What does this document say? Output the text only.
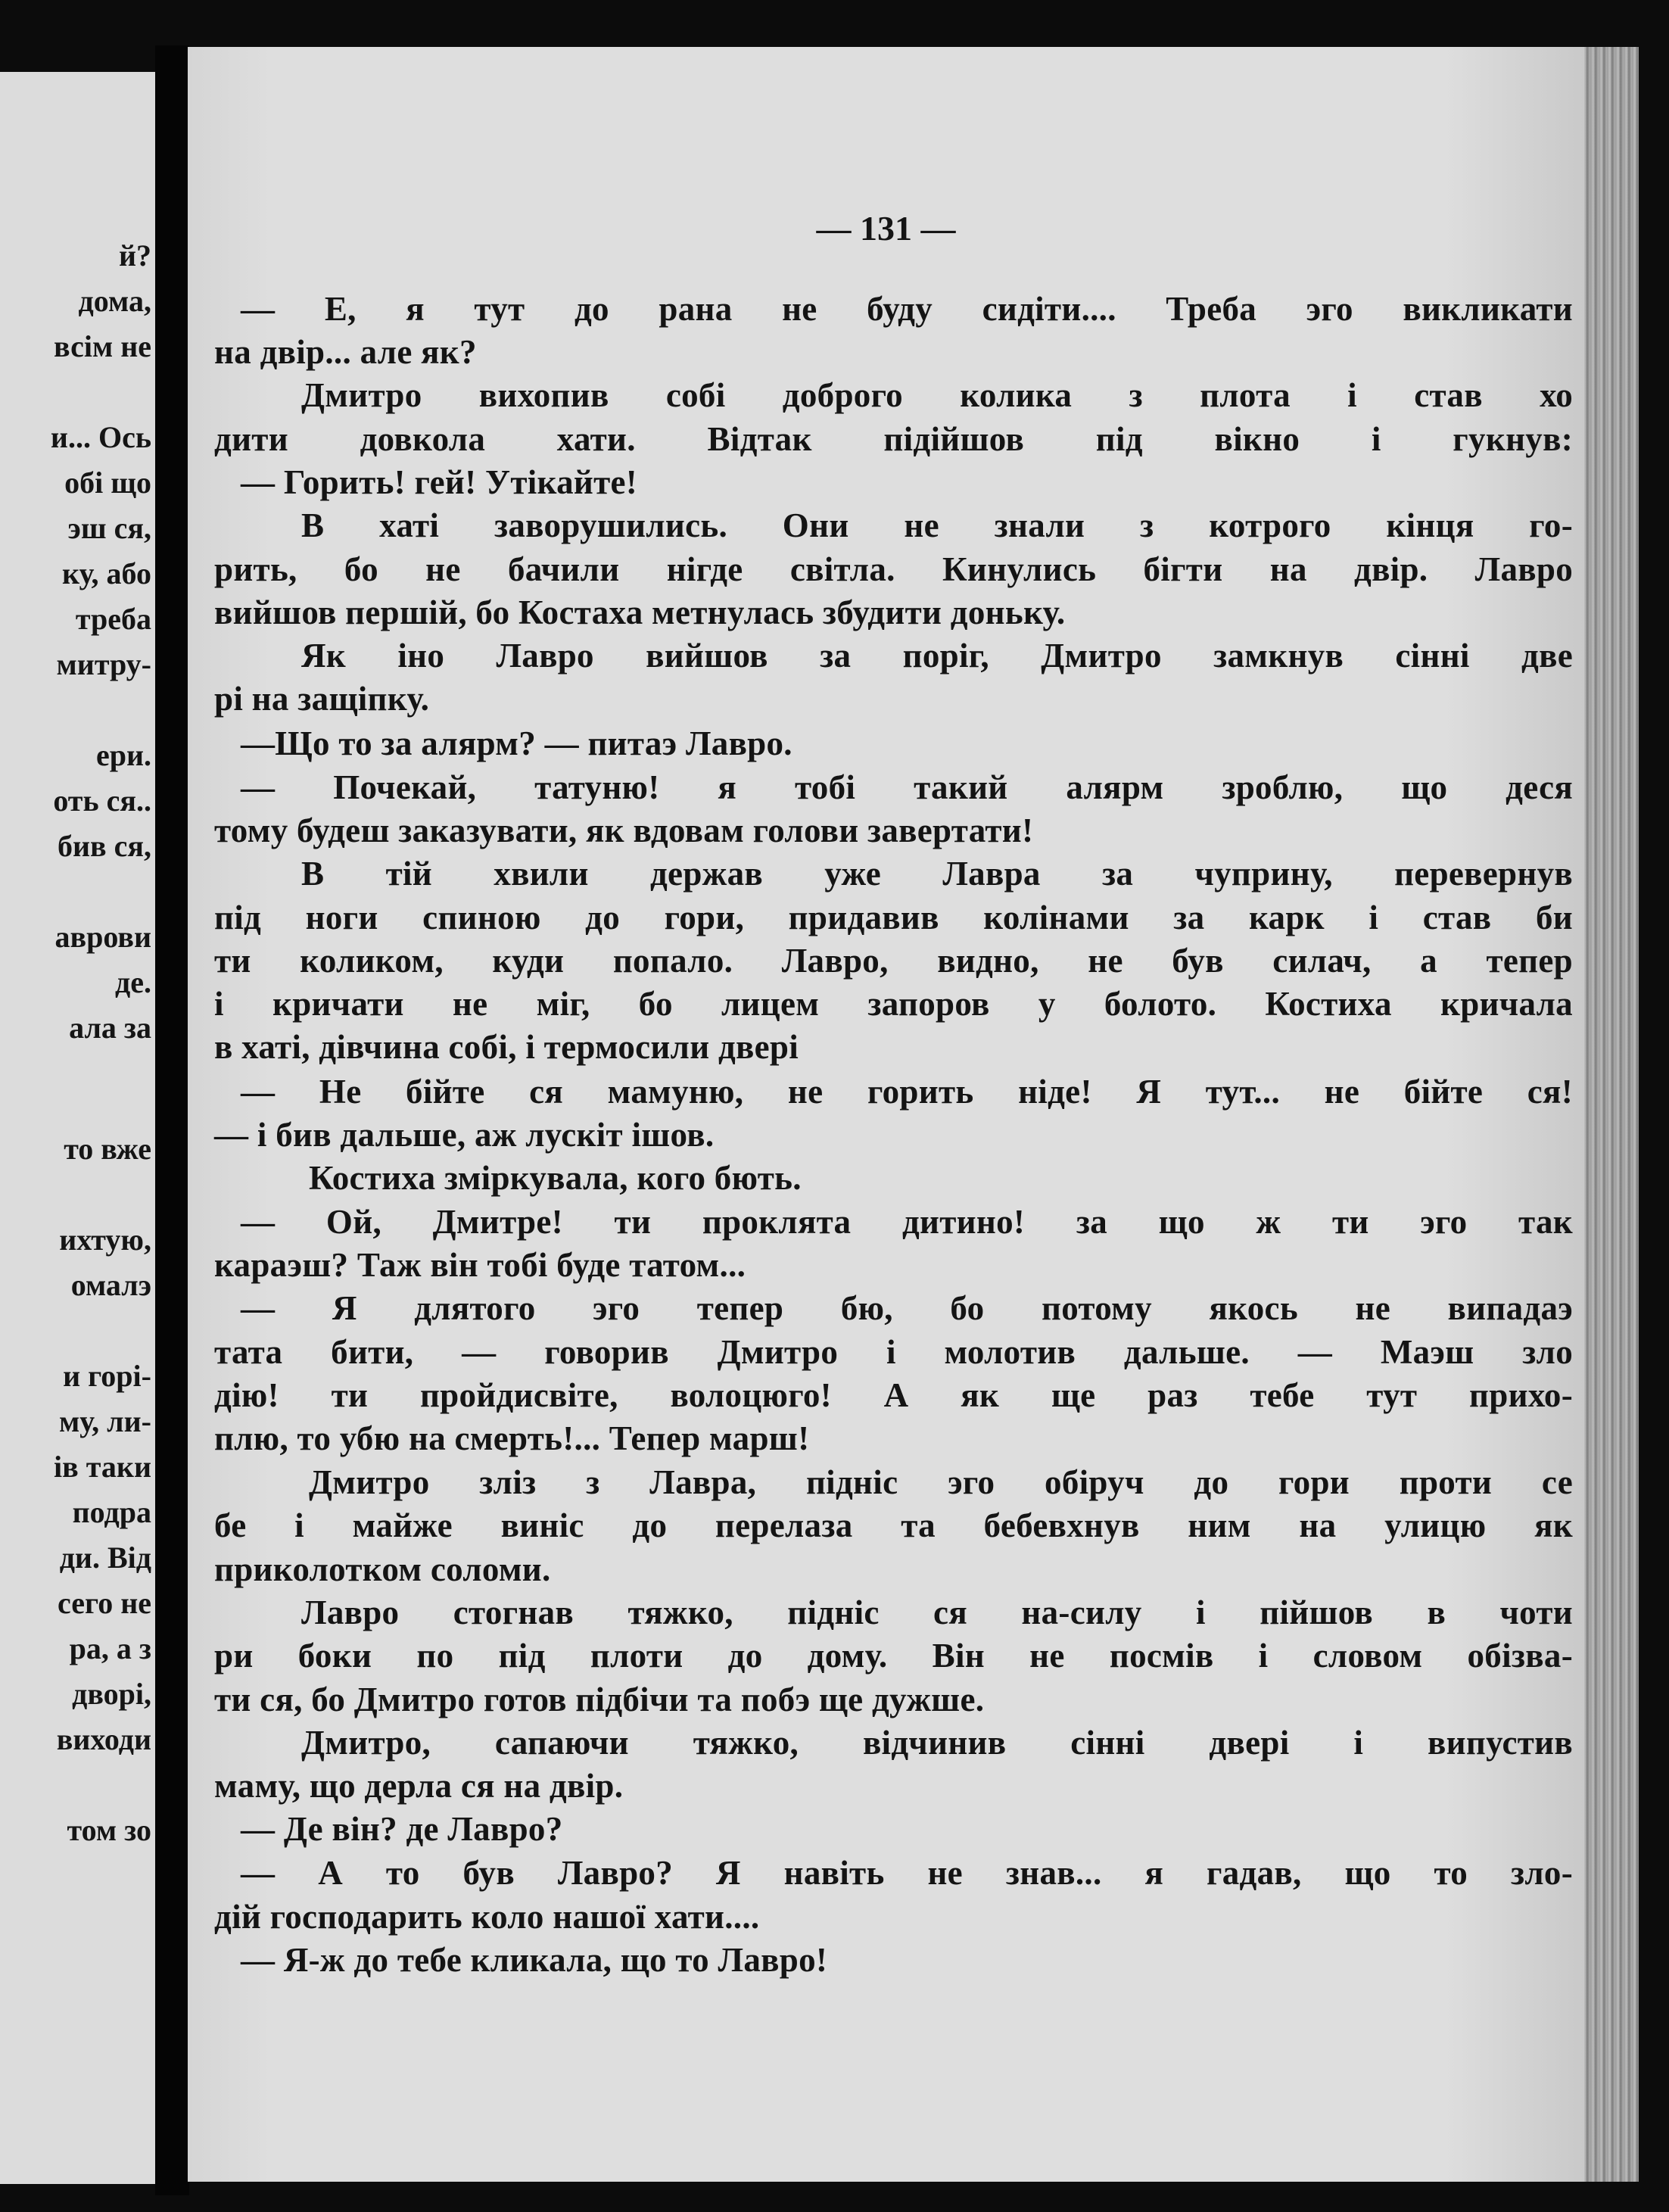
й?
дома,
всім не
и... Ось
обі що
эш ся,
ку, або
треба
митру-
ери.
оть ся..
бив ся,
аврови
де.
ала за
то вже
ихтую,
омалэ
и горі-
му, ли-
ів таки
подра
ди. Від
сего не
ра, а з
дворі,
виходи
том зо
— 131 —
— Е, я тут до рана не буду сидіти.... Треба эго викликати
на двір... але як?
Дмитро вихопив собі доброго колика з плота і став хо
дити довкола хати. Відтак підійшов під вікно і гукнув:
— Горить! гей! Утікайте!
В хаті заворушились. Они не знали з котрого кінця го-
рить, бо не бачили нігде світла. Кинулись бігти на двір. Лавро
вийшов першій, бо Костаха метнулась збудити доньку.
Як іно Лавро вийшов за поріг, Дмитро замкнув сінні две
рі на защіпку.
—Що то за алярм? — питаэ Лавро.
— Почекай, татуню! я тобі такий алярм зроблю, що деся
тому будеш заказувати, як вдовам голови завертати!
В тій хвили держав уже Лавра за чуприну, перевернув
під ноги спиною до гори, придавив колінами за карк і став би
ти коликом, куди попало. Лавро, видно, не був силач, а тепер
і кричати не міг, бо лицем запоров у болото. Костиха кричала
в хаті, дівчина собі, і термосили двері
— Не бійте ся мамуню, не горить ніде! Я тут... не бійте ся!
— і бив дальше, аж лускіт ішов.
Костиха зміркувала, кого бють.
— Ой, Дмитре! ти проклята дитино! за що ж ти эго так
караэш? Таж він тобі буде татом...
— Я длятого эго тепер бю, бо потому якось не випадаэ
тата бити, — говорив Дмитро і молотив дальше. — Маэш зло
дію! ти пройдисвіте, волоцюго! А як ще раз тебе тут прихо-
плю, то убю на смерть!... Тепер марш!
Дмитро зліз з Лавра, підніс эго обіруч до гори проти се
бе і майже виніс до перелаза та бебевхнув ним на улицю як
приколотком соломи.
Лавро стогнав тяжко, підніс ся на-силу і пійшов в чоти
ри боки по під плоти до дому. Він не посмів і словом обізва-
ти ся, бо Дмитро готов підбічи та побэ ще дужше.
Дмитро, сапаючи тяжко, відчинив сінні двері і випустив
маму, що дерла ся на двір.
— Де він? де Лавро?
— А то був Лавро? Я навіть не знав... я гадав, що то зло-
дій господарить коло нашої хати....
— Я-ж до тебе кликала, що то Лавро!
